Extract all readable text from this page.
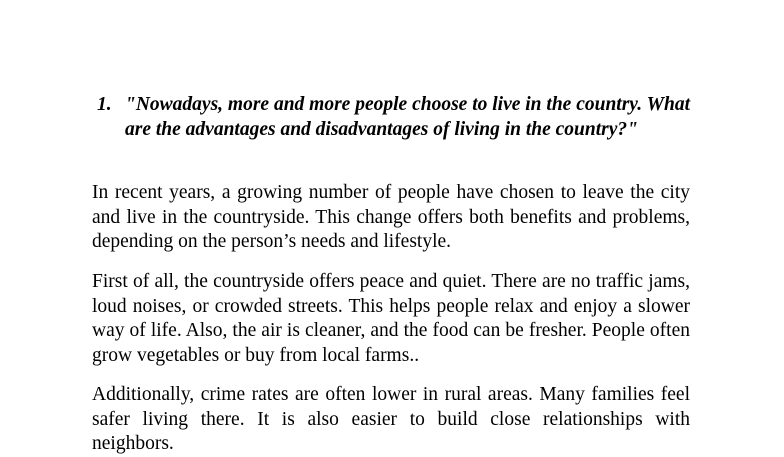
1. "Nowadays, more and more people choose to live in the country. What are the advantages and disadvantages of living in the country?"

In recent years, a growing number of people have chosen to leave the city and live in the countryside. This change offers both benefits and problems, depending on the person’s needs and lifestyle.

First of all, the countryside offers peace and quiet. There are no traffic jams, loud noises, or crowded streets. This helps people relax and enjoy a slower way of life. Also, the air is cleaner, and the food can be fresher. People often grow vegetables or buy from local farms..

Additionally, crime rates are often lower in rural areas. Many families feel safer living there. It is also easier to build close relationships with neighbors.
